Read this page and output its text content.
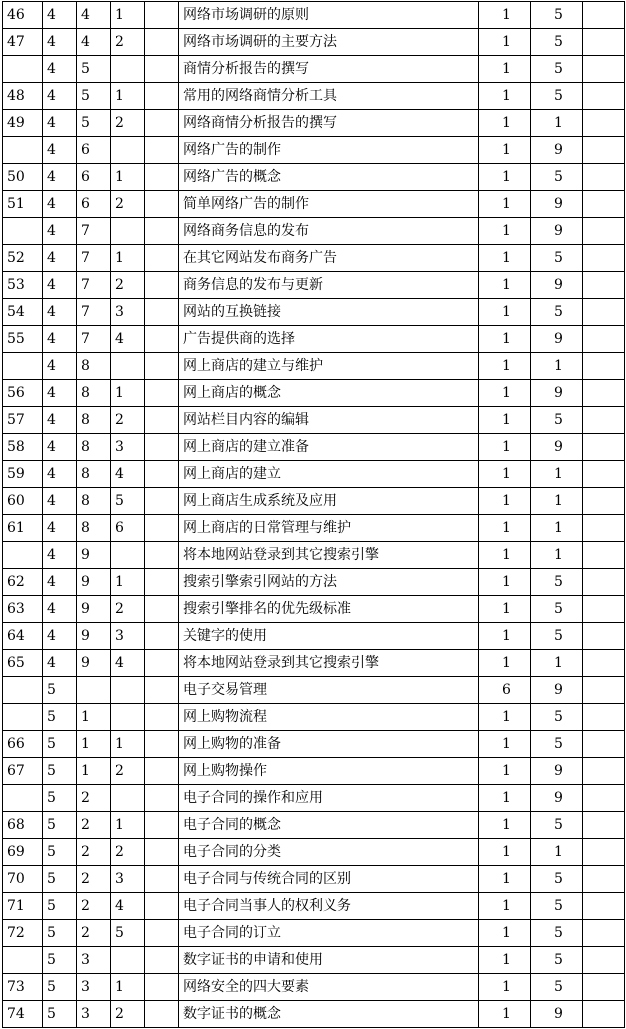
46	4	4	1		网络市场调研的原则	1	5	
47	4	4	2		网络市场调研的主要方法	1	5	
	4	5			商情分析报告的撰写	1	5	
48	4	5	1		常用的网络商情分析工具	1	5	
49	4	5	2		网络商情分析报告的撰写	1	1	
	4	6			网络广告的制作	1	9	
50	4	6	1		网络广告的概念	1	5	
51	4	6	2		简单网络广告的制作	1	9	
	4	7			网络商务信息的发布	1	9	
52	4	7	1		在其它网站发布商务广告	1	5	
53	4	7	2		商务信息的发布与更新	1	9	
54	4	7	3		网站的互换链接	1	5	
55	4	7	4		广告提供商的选择	1	9	
	4	8			网上商店的建立与维护	1	1	
56	4	8	1		网上商店的概念	1	9	
57	4	8	2		网站栏目内容的编辑	1	5	
58	4	8	3		网上商店的建立准备	1	9	
59	4	8	4		网上商店的建立	1	1	
60	4	8	5		网上商店生成系统及应用	1	1	
61	4	8	6		网上商店的日常管理与维护	1	1	
	4	9			将本地网站登录到其它搜索引擎	1	1	
62	4	9	1		搜索引擎索引网站的方法	1	5	
63	4	9	2		搜索引擎排名的优先级标准	1	5	
64	4	9	3		关键字的使用	1	5	
65	4	9	4		将本地网站登录到其它搜索引擎	1	1	
	5				电子交易管理	6	9	
	5	1			网上购物流程	1	5	
66	5	1	1		网上购物的准备	1	5	
67	5	1	2		网上购物操作	1	9	
	5	2			电子合同的操作和应用	1	9	
68	5	2	1		电子合同的概念	1	5	
69	5	2	2		电子合同的分类	1	1	
70	5	2	3		电子合同与传统合同的区别	1	5	
71	5	2	4		电子合同当事人的权利义务	1	5	
72	5	2	5		电子合同的订立	1	5	
	5	3			数字证书的申请和使用	1	5	
73	5	3	1		网络安全的四大要素	1	5	
74	5	3	2		数字证书的概念	1	9	
